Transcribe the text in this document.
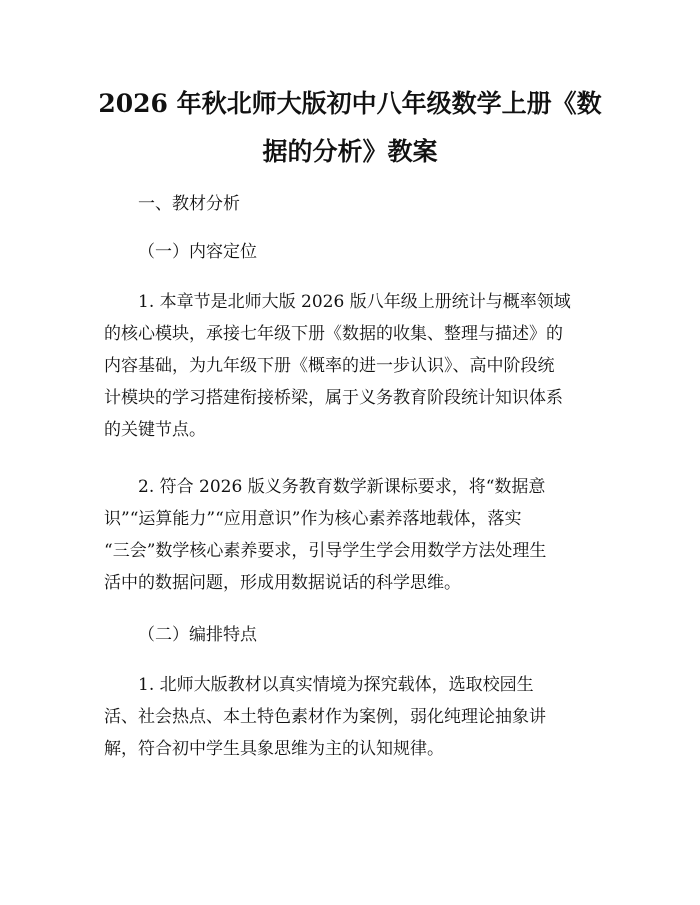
2026 年秋北师大版初中八年级数学上册《数
据的分析》教案

一、教材分析

（一）内容定位

1. 本章节是北师大版 2026 版八年级上册统计与概率领域
的核心模块，承接七年级下册《数据的收集、整理与描述》的
内容基础，为九年级下册《概率的进一步认识》、高中阶段统
计模块的学习搭建衔接桥梁，属于义务教育阶段统计知识体系
的关键节点。
2. 符合 2026 版义务教育数学新课标要求，将“数据意
识”“运算能力”“应用意识”作为核心素养落地载体，落实
“三会”数学核心素养要求，引导学生学会用数学方法处理生
活中的数据问题，形成用数据说话的科学思维。

（二）编排特点

1. 北师大版教材以真实情境为探究载体，选取校园生
活、社会热点、本土特色素材作为案例，弱化纯理论抽象讲
解，符合初中学生具象思维为主的认知规律。
